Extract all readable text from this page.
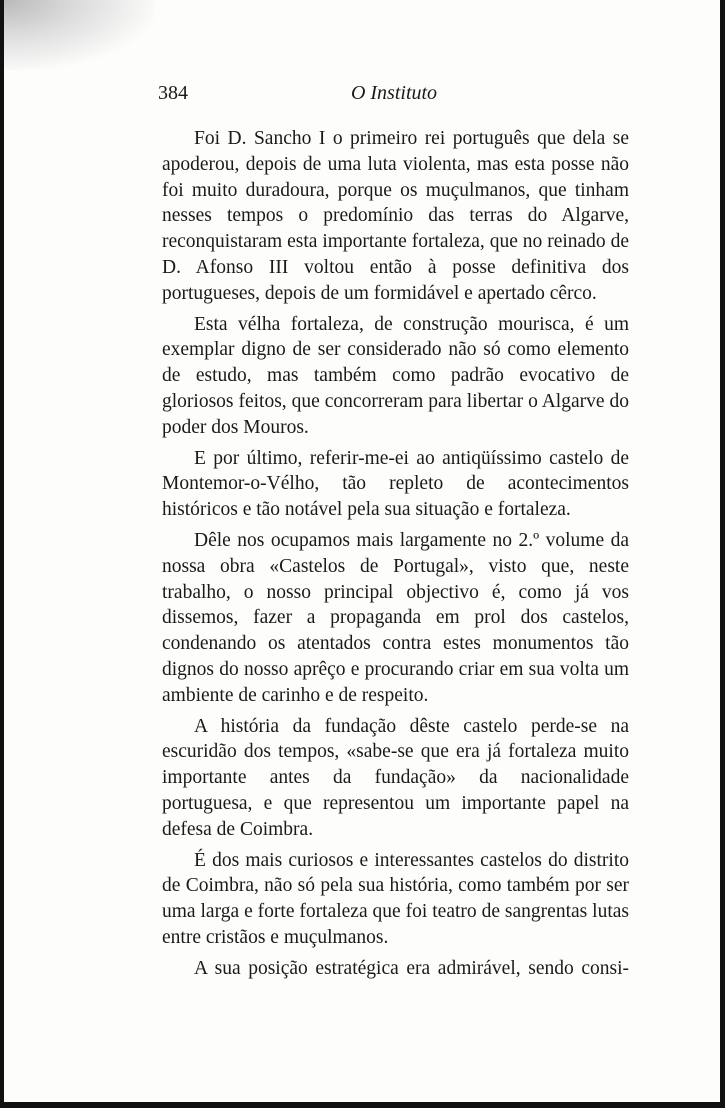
384	O Instituto

Foi D. Sancho I o primeiro rei português que dela se apoderou, depois de uma luta violenta, mas esta posse não foi muito duradoura, porque os muçulmanos, que tinham nesses tempos o predomínio das terras do Algarve, reconquistaram esta importante fortaleza, que no reinado de D. Afonso III voltou então à posse definitiva dos portugueses, depois de um formidável e apertado cêrco.

Esta vélha fortaleza, de construção mourisca, é um exemplar digno de ser considerado não só como elemento de estudo, mas também como padrão evocativo de gloriosos feitos, que concorreram para libertar o Algarve do poder dos Mouros.

E por último, referir-me-ei ao antiqüíssimo castelo de Montemor-o-Vélho, tão repleto de acontecimentos históricos e tão notável pela sua situação e fortaleza.

Dêle nos ocupamos mais largamente no 2.º volume da nossa obra «Castelos de Portugal», visto que, neste trabalho, o nosso principal objectivo é, como já vos dissemos, fazer a propaganda em prol dos castelos, condenando os atentados contra estes monumentos tão dignos do nosso aprêço e procurando criar em sua volta um ambiente de carinho e de respeito.

A história da fundação dêste castelo perde-se na escuridão dos tempos, «sabe-se que era já fortaleza muito importante antes da fundação» da nacionalidade portuguesa, e que representou um importante papel na defesa de Coimbra.

É dos mais curiosos e interessantes castelos do distrito de Coimbra, não só pela sua história, como também por ser uma larga e forte fortaleza que foi teatro de sangrentas lutas entre cristãos e muçulmanos.

A sua posição estratégica era admirável, sendo consi-
